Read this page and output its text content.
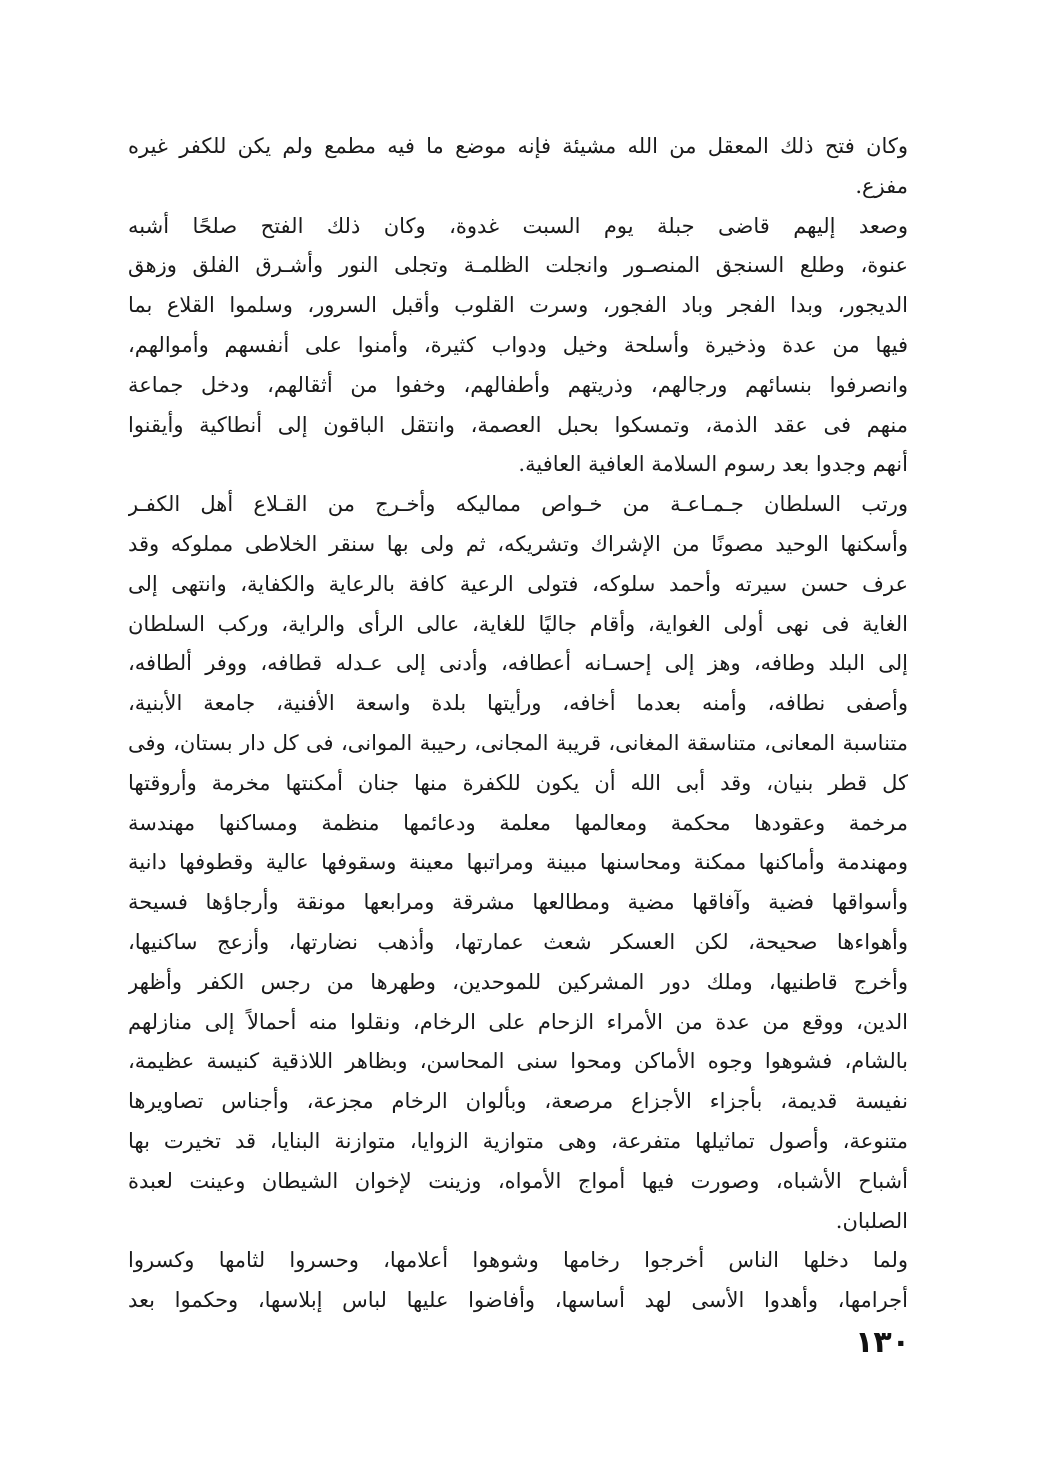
وكان فتح ذلك المعقل من الله مشيئة فإنه موضع ما فيه مطمع ولم يكن للكفر غيره
مفزع.
وصعد إليهم قاضى جبلة يوم السبت غدوة، وكان ذلك الفتح صلحًا أشبه
عنوة، وطلع السنجق المنصـور وانجلت الظلمـة وتجلى النور وأشـرق الفلق وزهق
الديجور، وبدا الفجر وباد الفجور، وسرت القلوب وأقبل السرور، وسلموا القلاع بما
فيها من عدة وذخيرة وأسلحة وخيل ودواب كثيرة، وأمنوا على أنفسهم وأموالهم،
وانصرفوا بنسائهم ورجالهم، وذريتهم وأطفالهم، وخفوا من أثقالهم، ودخل جماعة
منهم فى عقد الذمة، وتمسكوا بحبل العصمة، وانتقل الباقون إلى أنطاكية وأيقنوا
أنهم وجدوا بعد رسوم السلامة العافية العافية.
ورتب السلطان جـمـاعـة من خـواص مماليكه وأخـرج من القـلاع أهل الكفـر
وأسكنها الوحيد مصونًا من الإشراك وتشريكه، ثم ولى بها سنقر الخلاطى مملوكه وقد
عرف حسن سيرته وأحمد سلوكه، فتولى الرعية كافة بالرعاية والكفاية، وانتهى إلى
الغاية فى نهى أولى الغواية، وأقام جاليًا للغاية، عالى الرأى والراية، وركب السلطان
إلى البلد وطافه، وهز إلى إحسـانه أعطافه، وأدنى إلى عـدله قطافه، ووفر ألطافه،
وأصفى نطافه، وأمنه بعدما أخافه، ورأيتها بلدة واسعة الأفنية، جامعة الأبنية،
متناسبة المعانى، متناسقة المغانى، قريبة المجانى، رحيبة الموانى، فى كل دار بستان، وفى
كل قطر بنيان، وقد أبى الله أن يكون للكفرة منها جنان أمكنتها مخرمة وأروقتها
مرخمة وعقودها محكمة ومعالمها معلمة ودعائمها منظمة ومساكنها مهندسة
ومهندمة وأماكنها ممكنة ومحاسنها مبينة ومراتبها معينة وسقوفها عالية وقطوفها دانية
وأسواقها فضية وآفاقها مضية ومطالعها مشرقة ومرابعها مونقة وأرجاؤها فسيحة
وأهواءها صحيحة، لكن العسكر شعث عمارتها، وأذهب نضارتها، وأزعج ساكنيها،
وأخرج قاطنيها، وملك دور المشركين للموحدين، وطهرها من رجس الكفر وأظهر
الدين، ووقع من عدة من الأمراء الزحام على الرخام، ونقلوا منه أحمالاً إلى منازلهم
بالشام، فشوهوا وجوه الأماكن ومحوا سنى المحاسن، وبظاهر اللاذقية كنيسة عظيمة،
نفيسة قديمة، بأجزاء الأجزاع مرصعة، وبألوان الرخام مجزعة، وأجناس تصاويرها
متنوعة، وأصول تماثيلها متفرعة، وهى متوازية الزوايا، متوازنة البنايا، قد تخيرت بها
أشباح الأشباه، وصورت فيها أمواج الأمواه، وزينت لإخوان الشيطان وعينت لعبدة
الصلبان.
ولما دخلها الناس أخرجوا رخامها وشوهوا أعلامها، وحسروا لثامها وكسروا
أجرامها، وأهدوا الأسى لهد أساسها، وأفاضوا عليها لباس إبلاسها، وحكموا بعد
١٣٠
